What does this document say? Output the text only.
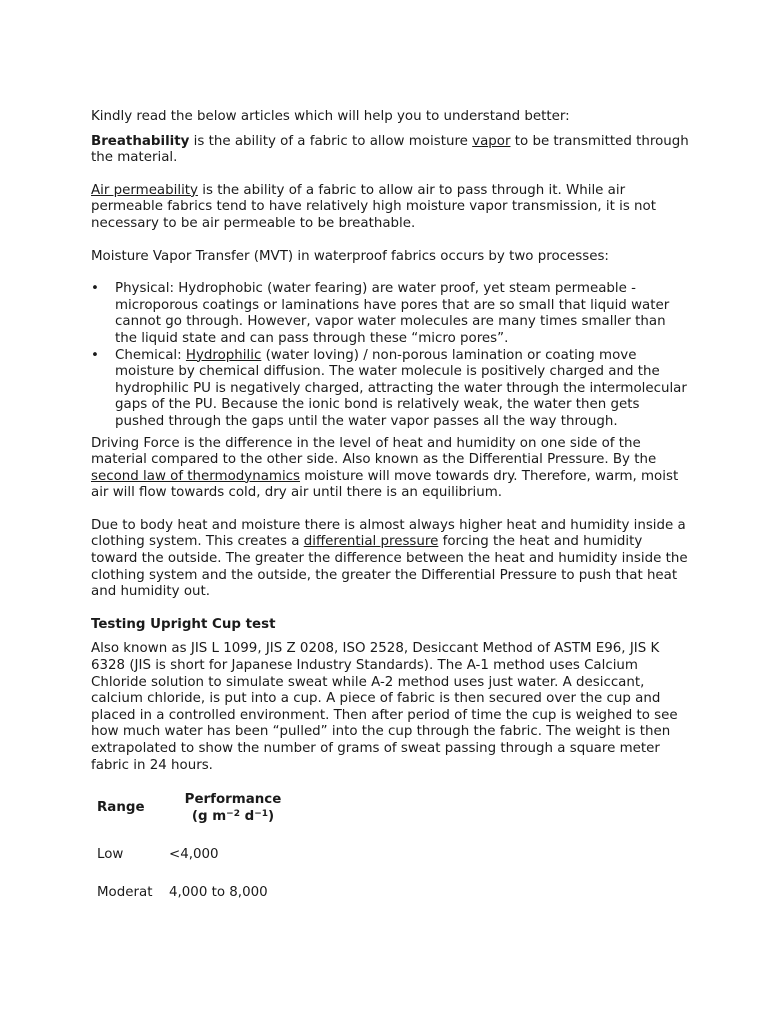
Kindly read the below articles which will help you to understand better:

Breathability is the ability of a fabric to allow moisture vapor to be transmitted through the material.

Air permeability is the ability of a fabric to allow air to pass through it. While air permeable fabrics tend to have relatively high moisture vapor transmission, it is not necessary to be air permeable to be breathable.

Moisture Vapor Transfer (MVT) in waterproof fabrics occurs by two processes:

• Physical: Hydrophobic (water fearing) are water proof, yet steam permeable - microporous coatings or laminations have pores that are so small that liquid water cannot go through. However, vapor water molecules are many times smaller than the liquid state and can pass through these “micro pores”.
• Chemical: Hydrophilic (water loving) / non-porous lamination or coating move moisture by chemical diffusion. The water molecule is positively charged and the hydrophilic PU is negatively charged, attracting the water through the intermolecular gaps of the PU. Because the ionic bond is relatively weak, the water then gets pushed through the gaps until the water vapor passes all the way through.

Driving Force is the difference in the level of heat and humidity on one side of the material compared to the other side. Also known as the Differential Pressure. By the second law of thermodynamics moisture will move towards dry. Therefore, warm, moist air will flow towards cold, dry air until there is an equilibrium.

Due to body heat and moisture there is almost always higher heat and humidity inside a clothing system. This creates a differential pressure forcing the heat and humidity toward the outside. The greater the difference between the heat and humidity inside the clothing system and the outside, the greater the Differential Pressure to push that heat and humidity out.

Testing Upright Cup test

Also known as JIS L 1099, JIS Z 0208, ISO 2528, Desiccant Method of ASTM E96, JIS K 6328 (JIS is short for Japanese Industry Standards). The A-1 method uses Calcium Chloride solution to simulate sweat while A-2 method uses just water. A desiccant, calcium chloride, is put into a cup. A piece of fabric is then secured over the cup and placed in a controlled environment. Then after period of time the cup is weighed to see how much water has been “pulled” into the cup through the fabric. The weight is then extrapolated to show the number of grams of sweat passing through a square meter fabric in 24 hours.

Range	Performance
(g $m^{-2}$ $d^{-1}$)

Low	<4,000
Moderat	4,000 to 8,000
